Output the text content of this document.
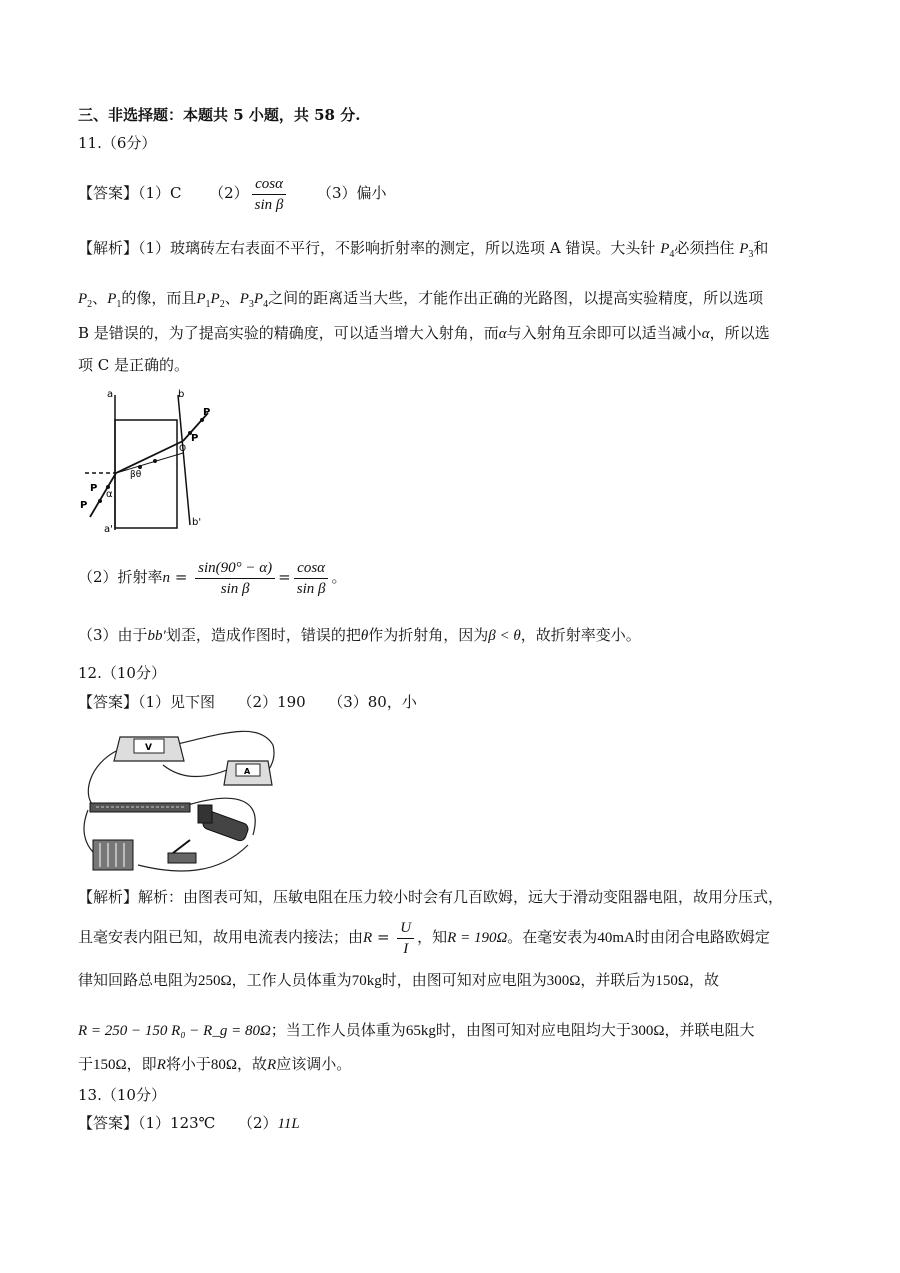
三、非选择题：本题共 5 小题，共 58 分.
11.（6分）
【答案】（1）C $(2) \frac{\cos\alpha}{\text{sin β}} (3)$偏小
【解析】（1）玻璃砖左右表面不平行，不影响折射率的测定，所以选项 A 错误。大头针 $P_4$必须挡住 $P_3$和
$P_2$、$P_1$的像，而且$P_1P_2$、$P_3P_4$之间的距离适当大些，才能作出正确的光路图，以提高实验精度，所以选项
B 是错误的，为了提高实验的精确度，可以适当增大入射角，而α与入射角互余即可以适当减小α，所以选
项 C 是正确的。
a	b
a'
b'
P
P
P
P
α
O
βθ
（2）折射率$n = \frac{\sin(90^\circ - \alpha)}{\text{sin β}} = \frac{\cos\alpha}{\text{sin β}}$ 。
（3）由于bb′划歪，造成作图时，错误的把θ作为折射角，因为β < θ，故折射率变小。
12.（10分）
【答案】（1）见下图　　（2）190　　（3）80，小
V
A
【解析】解析：由图表可知，压敏电阻在压力较小时会有几百欧姆，远大于滑动变阻器电阻，故用分压式，
且毫安表内阻已知，故用电流表内接法；由$R = \frac{U}{I}$ ，知R = 190Ω。在毫安表为40mA时由闭合电路欧姆定
律知回路总电阻为250Ω，工作人员体重为70kg时，由图可知对应电阻为300Ω，并联后为150Ω，故
R = 250 − 150 R₀ − R_g = 80Ω；当工作人员体重为65kg时，由图可知对应电阻均大于300Ω，并联电阻大
于150Ω，即R将小于80Ω，故R应该调小。
13.（10分）
【答案】（1）123℃　　（2）11L
